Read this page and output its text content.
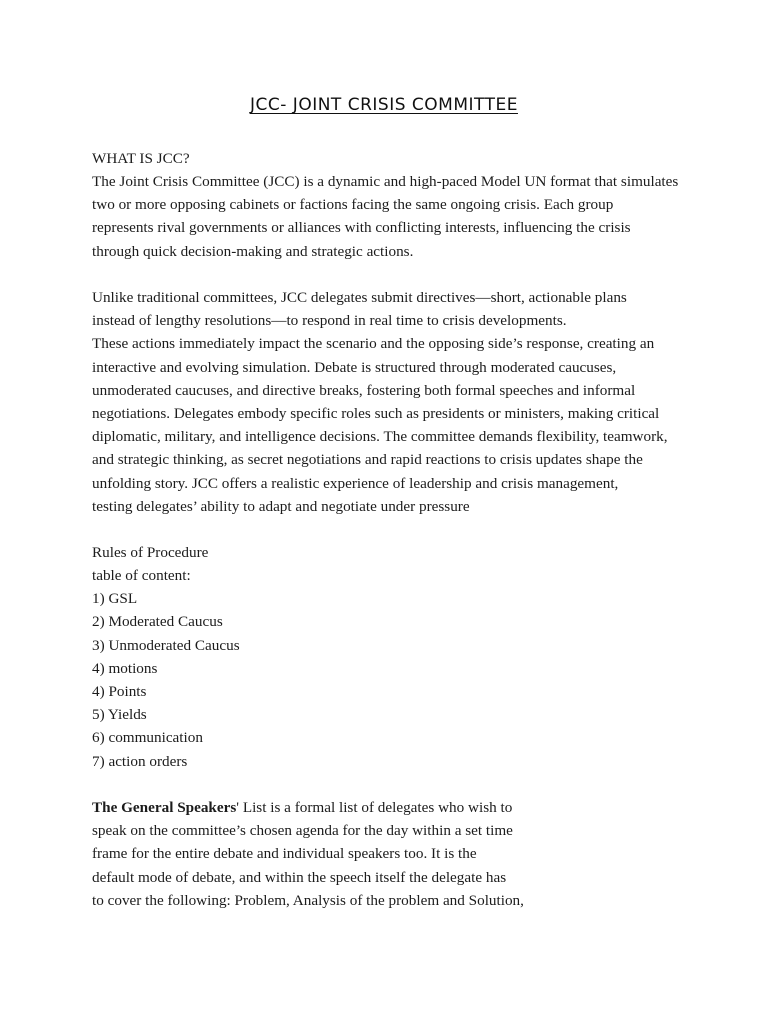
JCC- JOINT CRISIS COMMITTEE
WHAT IS JCC?
The Joint Crisis Committee (JCC) is a dynamic and high-paced Model UN format that simulates
two or more opposing cabinets or factions facing the same ongoing crisis. Each group
represents rival governments or alliances with conflicting interests, influencing the crisis
through quick decision-making and strategic actions.
Unlike traditional committees, JCC delegates submit directives—short, actionable plans
instead of lengthy resolutions—to respond in real time to crisis developments.
These actions immediately impact the scenario and the opposing side’s response, creating an
interactive and evolving simulation. Debate is structured through moderated caucuses,
unmoderated caucuses, and directive breaks, fostering both formal speeches and informal
negotiations. Delegates embody specific roles such as presidents or ministers, making critical
diplomatic, military, and intelligence decisions. The committee demands flexibility, teamwork,
and strategic thinking, as secret negotiations and rapid reactions to crisis updates shape the
unfolding story. JCC offers a realistic experience of leadership and crisis management,
testing delegates’ ability to adapt and negotiate under pressure
Rules of Procedure
table of content:
1) GSL
2) Moderated Caucus
3) Unmoderated Caucus
4) motions
4) Points
5) Yields
6) communication
7) action orders
The General Speakers' List is a formal list of delegates who wish to
speak on the committee’s chosen agenda for the day within a set time
frame for the entire debate and individual speakers too. It is the
default mode of debate, and within the speech itself the delegate has
to cover the following: Problem, Analysis of the problem and Solution,
